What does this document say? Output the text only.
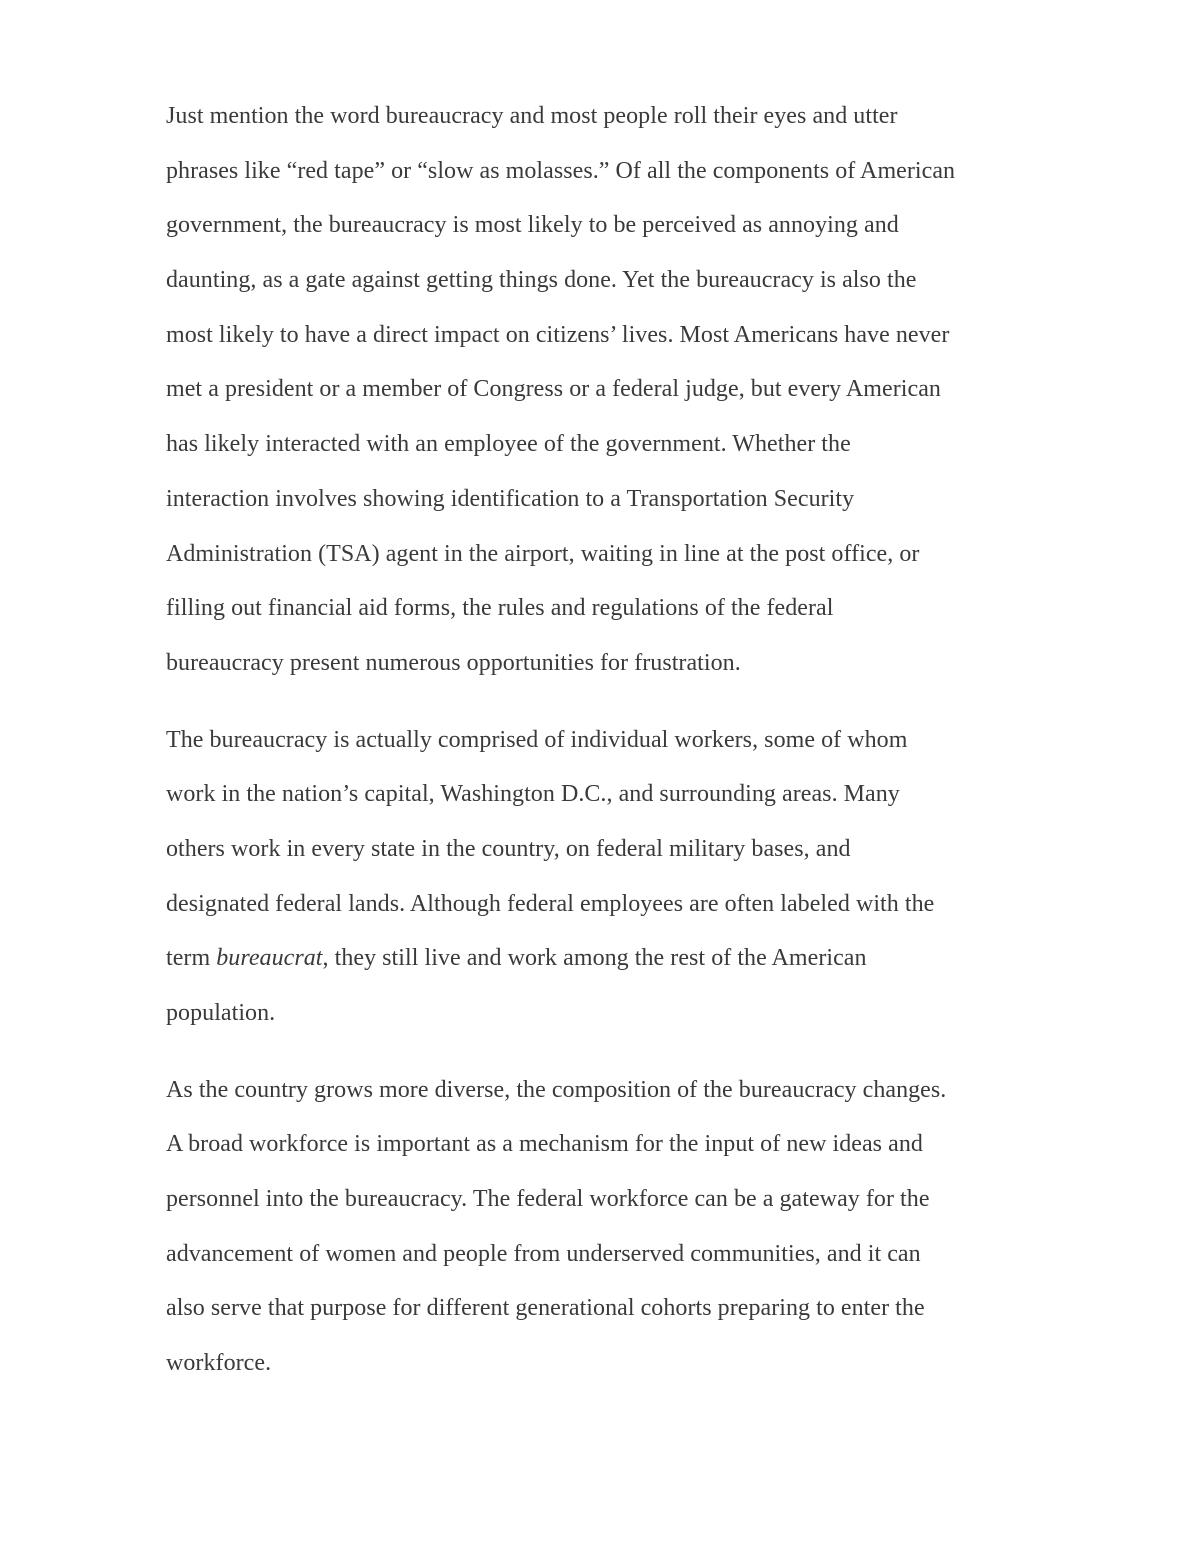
Just mention the word bureaucracy and most people roll their eyes and utter
phrases like “red tape” or “slow as molasses.” Of all the components of American
government, the bureaucracy is most likely to be perceived as annoying and
daunting, as a gate against getting things done. Yet the bureaucracy is also the
most likely to have a direct impact on citizens’ lives. Most Americans have never
met a president or a member of Congress or a federal judge, but every American
has likely interacted with an employee of the government. Whether the
interaction involves showing identification to a Transportation Security
Administration (TSA) agent in the airport, waiting in line at the post office, or
filling out financial aid forms, the rules and regulations of the federal
bureaucracy present numerous opportunities for frustration.
The bureaucracy is actually comprised of individual workers, some of whom
work in the nation’s capital, Washington D.C., and surrounding areas. Many
others work in every state in the country, on federal military bases, and
designated federal lands. Although federal employees are often labeled with the
term bureaucrat, they still live and work among the rest of the American
population.
As the country grows more diverse, the composition of the bureaucracy changes.
A broad workforce is important as a mechanism for the input of new ideas and
personnel into the bureaucracy. The federal workforce can be a gateway for the
advancement of women and people from underserved communities, and it can
also serve that purpose for different generational cohorts preparing to enter the
workforce.
